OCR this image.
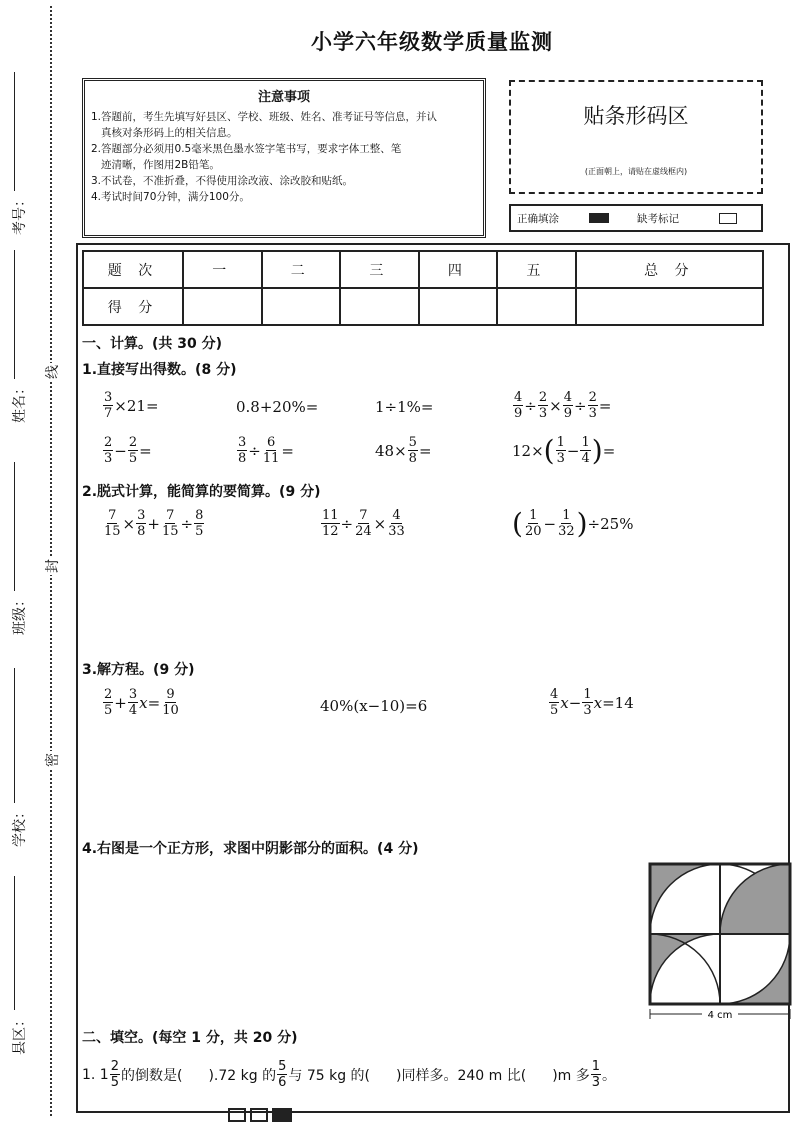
考号：
姓名：
班级：
学校：
县区：
线
封
密
小学六年级数学质量监测
注意事项

1.答题前，考生先填写好县区、学校、班级、姓名、准考证号等信息，并认

真核对条形码上的相关信息。

2.答题部分必须用0.5毫米黑色墨水签字笔书写，要求字体工整、笔

迹清晰，作图用2B铅笔。

3.不试卷，不准折叠，不得使用涂改液、涂改胶和贴纸。

4.考试时间70分钟，满分100分。

贴条形码区
(正面朝上，请贴在虚线框内)
正确填涂	缺考标记
题 次	一	二	三	四	五	总 分
得 分						
一、计算。(共 30 分)
1.直接写出得数。(8 分)
$\frac{3}{7} \times 21$ =	0.8+20% =	1÷1% =	$\frac{4}{9} \div \frac{2}{3} \times \frac{4}{9} \div \frac{2}{3}$ =
$\frac{2}{3} - \frac{2}{5}$ =	$\frac{3}{8} \div \frac{6}{11}$ =	$48 \times \frac{5}{8}$ =	12 × ( $\frac{1}{3} - \frac{1}{4}$ ) =
2.脱式计算，能简算的要简算。(9 分)
$\frac{7}{15} \times \frac{3}{8} + \frac{7}{15} \div \frac{8}{5}$	$\frac{11}{12} \div \frac{7}{24} \times \frac{4}{33}$	( $\frac{1}{20} - \frac{1}{32}$ ) ÷25%
3.解方程。(9 分)
$\frac{2}{5} + \frac{3}{4}$ $x = \frac{9}{10}$	40%(x−10)=6	$\frac{4}{5}$ $x - \frac{1}{3}$ x = 14
4.右图是一个正方形，求图中阴影部分的面积。(4 分)
4 cm
二、填空。(每空 1 分，共 20 分)
1. $1 \frac{2}{5}$ 的倒数是( ).72 kg 的 $\frac{5}{6}$ 与 75 kg 的( )同样多。240 m 比( )m 多 $\frac{1}{3}$ 。
